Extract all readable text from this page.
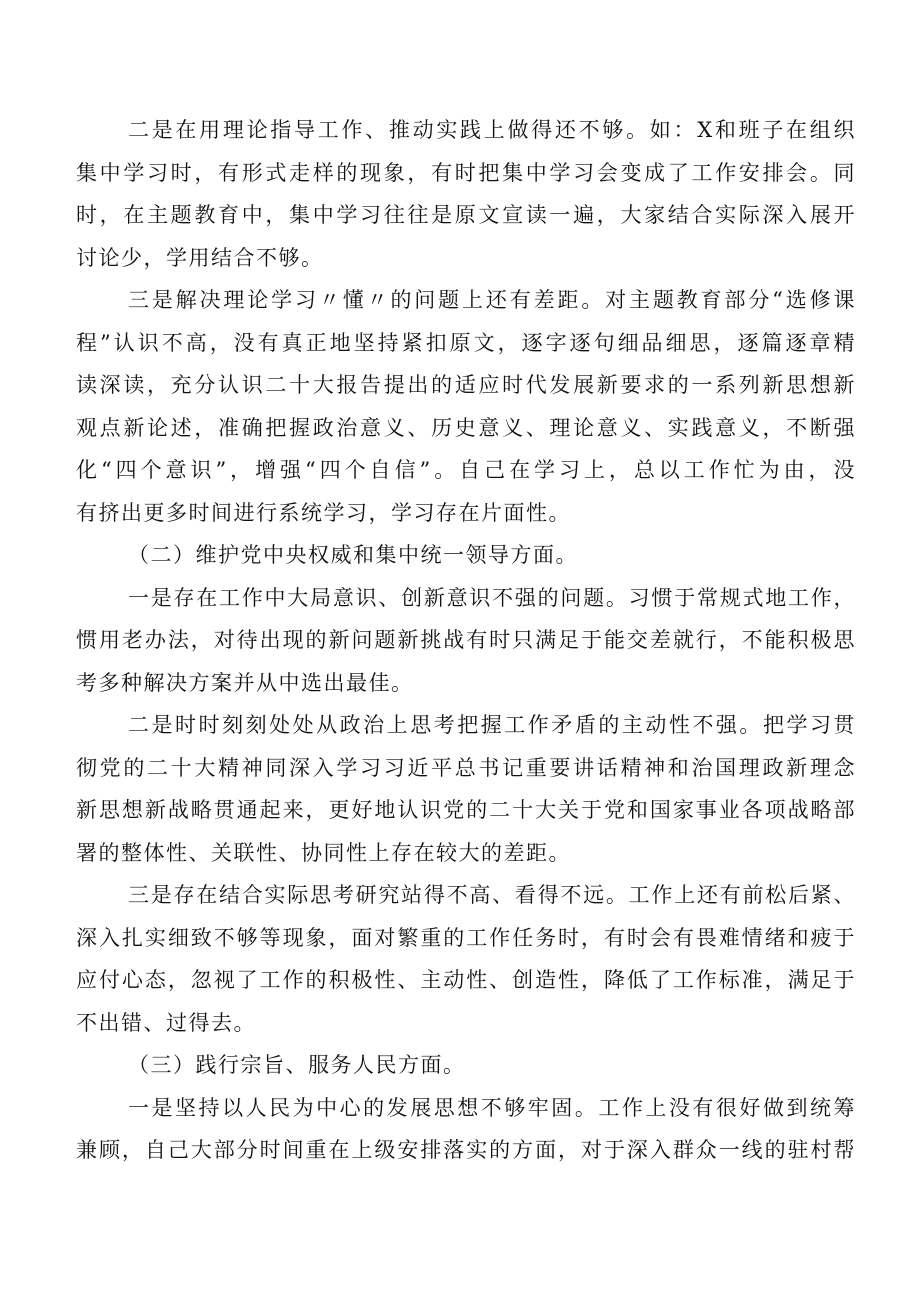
二是在用理论指导工作、推动实践上做得还不够。如：X和班子在组织
集中学习时，有形式走样的现象，有时把集中学习会变成了工作安排会。同
时，在主题教育中，集中学习往往是原文宣读一遍，大家结合实际深入展开
讨论少，学用结合不够。
三是解决理论学习〃懂〃的问题上还有差距。对主题教育部分“选修课
程”认识不高，没有真正地坚持紧扣原文，逐字逐句细品细思，逐篇逐章精
读深读，充分认识二十大报告提出的适应时代发展新要求的一系列新思想新
观点新论述，准确把握政治意义、历史意义、理论意义、实践意义，不断强
化“四个意识”，增强“四个自信”。自己在学习上，总以工作忙为由，没
有挤出更多时间进行系统学习，学习存在片面性。
（二）维护党中央权威和集中统一领导方面。
一是存在工作中大局意识、创新意识不强的问题。习惯于常规式地工作，
惯用老办法，对待出现的新问题新挑战有时只满足于能交差就行，不能积极思
考多种解决方案并从中选出最佳。
二是时时刻刻处处从政治上思考把握工作矛盾的主动性不强。把学习贯
彻党的二十大精神同深入学习习近平总书记重要讲话精神和治国理政新理念
新思想新战略贯通起来，更好地认识党的二十大关于党和国家事业各项战略部
署的整体性、关联性、协同性上存在较大的差距。
三是存在结合实际思考研究站得不高、看得不远。工作上还有前松后紧、
深入扎实细致不够等现象，面对繁重的工作任务时，有时会有畏难情绪和疲于
应付心态，忽视了工作的积极性、主动性、创造性，降低了工作标准，满足于
不出错、过得去。
（三）践行宗旨、服务人民方面。
一是坚持以人民为中心的发展思想不够牢固。工作上没有很好做到统筹
兼顾，自己大部分时间重在上级安排落实的方面，对于深入群众一线的驻村帮
